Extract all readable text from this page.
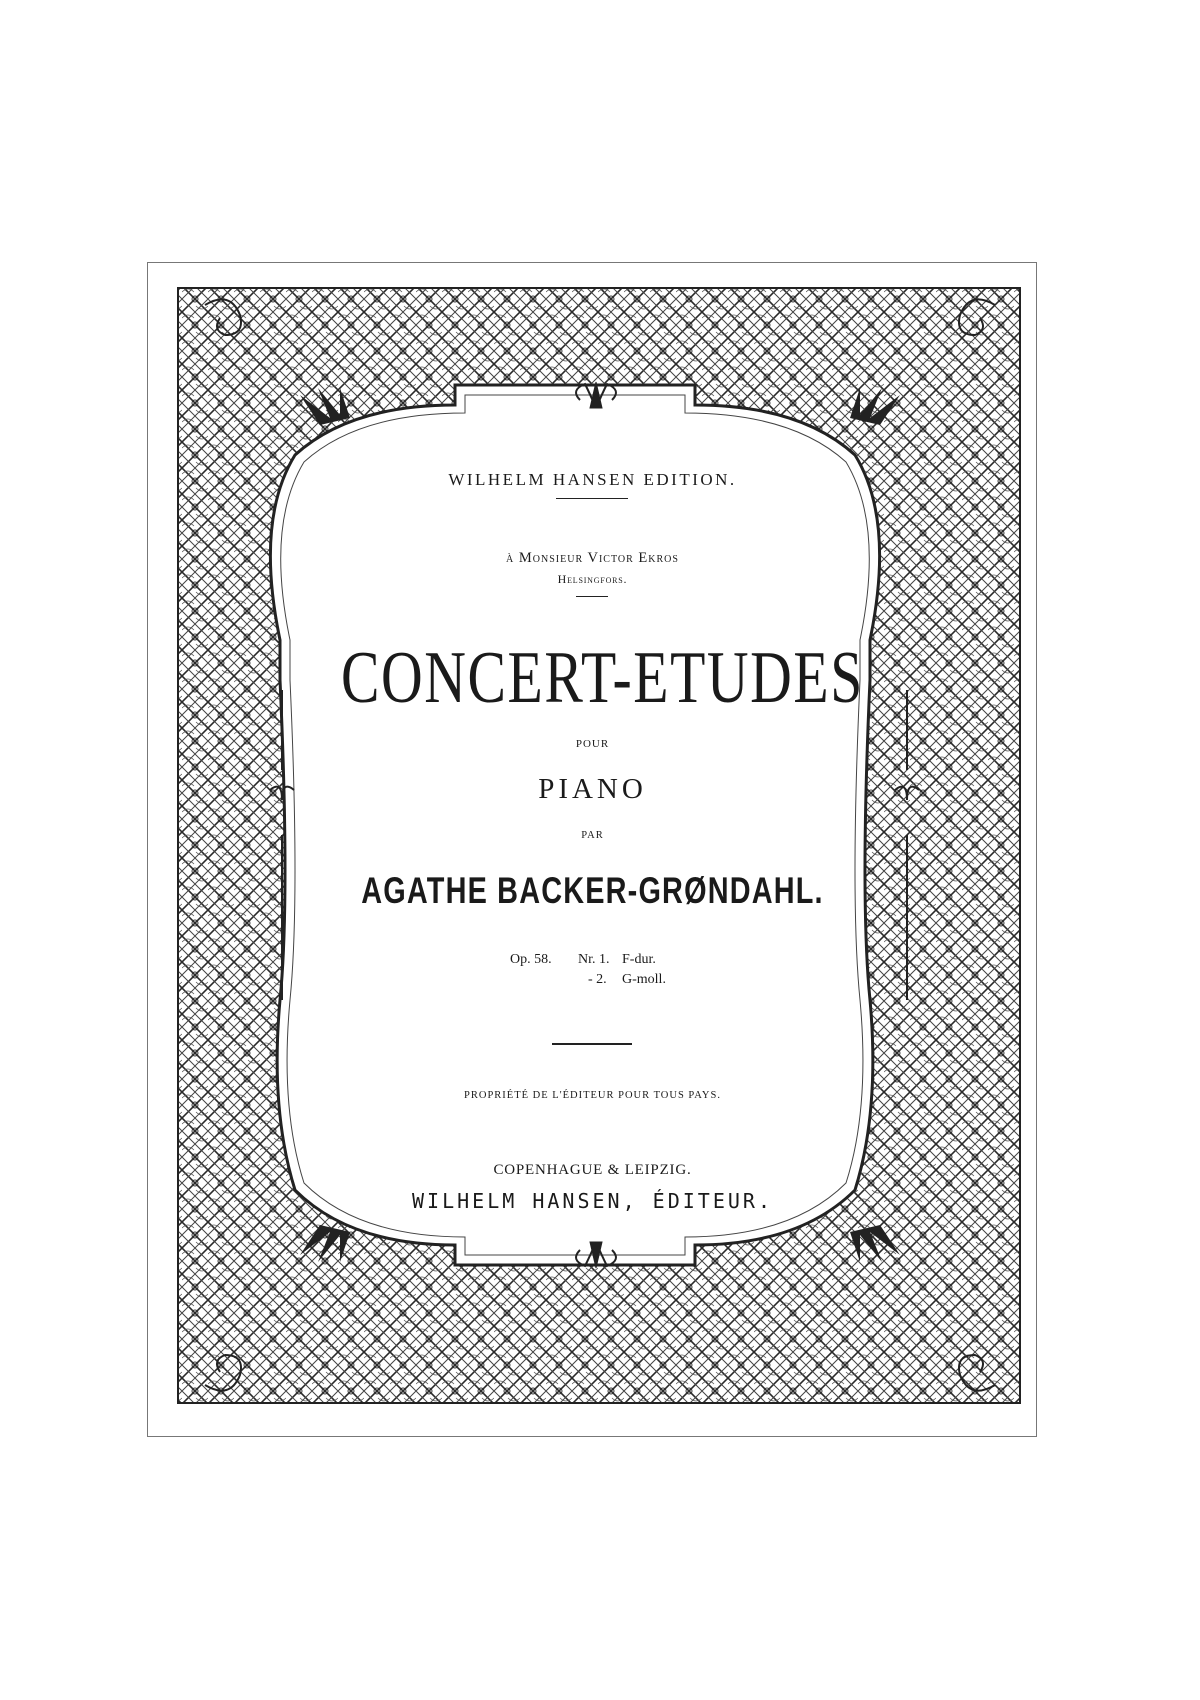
WILHELM HANSEN EDITION.
à Monsieur Victor Ekros
Helsingfors.
CONCERT-ETUDES
POUR
PIANO
PAR
AGATHE BACKER-GRØNDAHL.
Op. 58. Nr. 1. F-dur.
- 2. G-moll.
PROPRIÉTÉ DE L'ÉDITEUR POUR TOUS PAYS.
COPENHAGUE & LEIPZIG.
WILHELM HANSEN, ÉDITEUR.
